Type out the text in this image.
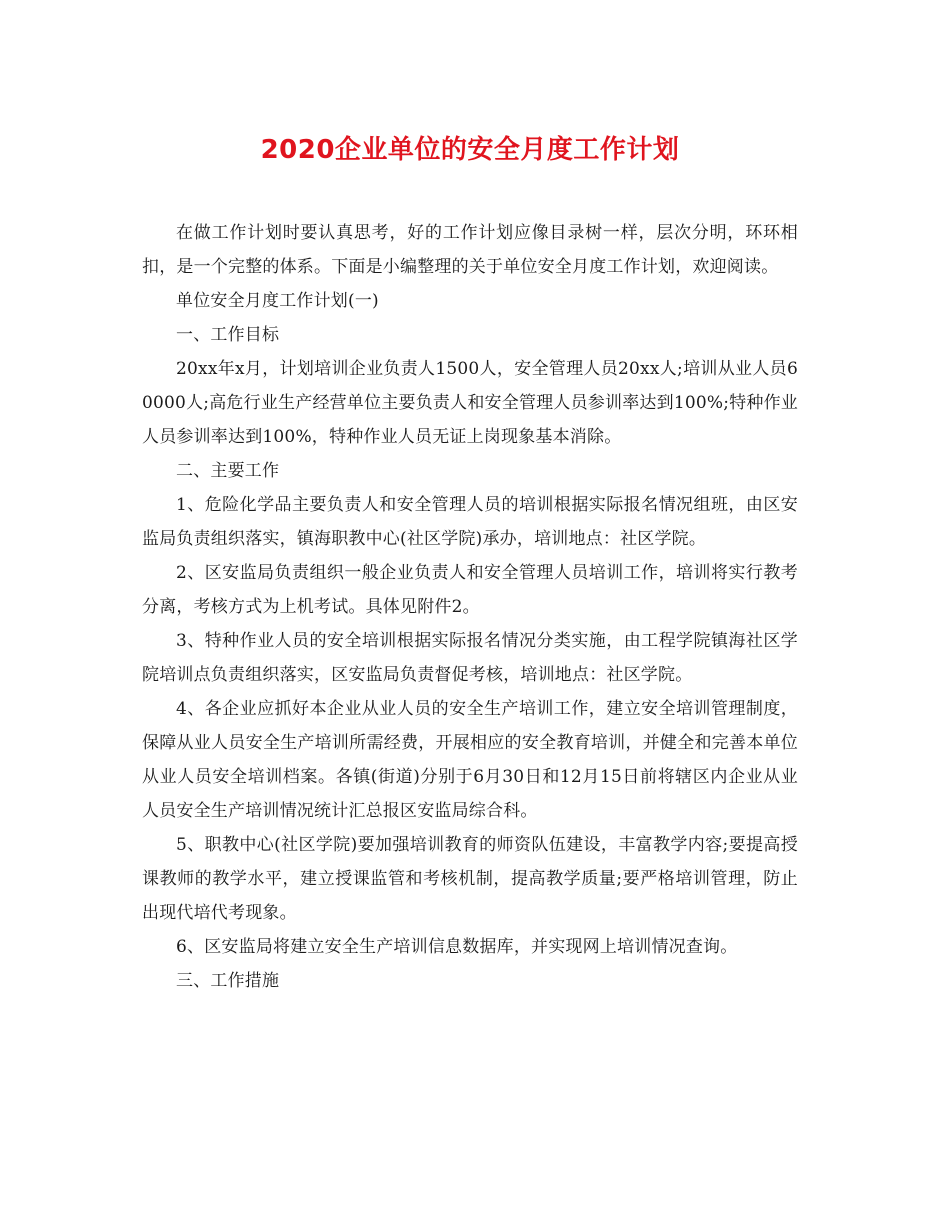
2020企业单位的安全月度工作计划

在做工作计划时要认真思考，好的工作计划应像目录树一样，层次分明，环环相扣，是一个完整的体系。下面是小编整理的关于单位安全月度工作计划，欢迎阅读。

单位安全月度工作计划(一)

一、工作目标

20xx年x月，计划培训企业负责人1500人，安全管理人员20xx人;培训从业人员60000人;高危行业生产经营单位主要负责人和安全管理人员参训率达到100%;特种作业人员参训率达到100%，特种作业人员无证上岗现象基本消除。

二、主要工作

1、危险化学品主要负责人和安全管理人员的培训根据实际报名情况组班，由区安监局负责组织落实，镇海职教中心(社区学院)承办，培训地点：社区学院。

2、区安监局负责组织一般企业负责人和安全管理人员培训工作，培训将实行教考分离，考核方式为上机考试。具体见附件2。

3、特种作业人员的安全培训根据实际报名情况分类实施，由工程学院镇海社区学院培训点负责组织落实，区安监局负责督促考核，培训地点：社区学院。

4、各企业应抓好本企业从业人员的安全生产培训工作，建立安全培训管理制度，保障从业人员安全生产培训所需经费，开展相应的安全教育培训，并健全和完善本单位从业人员安全培训档案。各镇(街道)分别于6月30日和12月15日前将辖区内企业从业人员安全生产培训情况统计汇总报区安监局综合科。

5、职教中心(社区学院)要加强培训教育的师资队伍建设，丰富教学内容;要提高授课教师的教学水平，建立授课监管和考核机制，提高教学质量;要严格培训管理，防止出现代培代考现象。

6、区安监局将建立安全生产培训信息数据库，并实现网上培训情况查询。

三、工作措施
